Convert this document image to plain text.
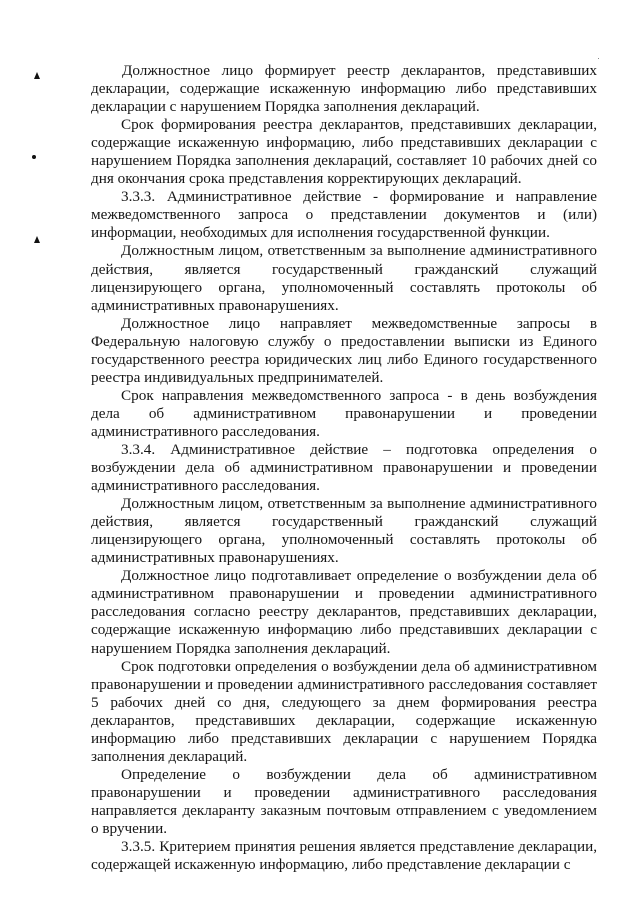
Должностное лицо формирует реестр декларантов, представивших декларации, содержащие искаженную информацию либо представивших декларации с нарушением Порядка заполнения деклараций.

Срок формирования реестра декларантов, представивших декларации, содержащие искаженную информацию, либо представивших декларации с нарушением Порядка заполнения деклараций, составляет 10 рабочих дней со дня окончания срока представления корректирующих деклараций.

3.3.3. Административное действие - формирование и направление межведомственного запроса о представлении документов и (или) информации, необходимых для исполнения государственной функции.

Должностным лицом, ответственным за выполнение административного действия, является государственный гражданский служащий лицензирующего органа, уполномоченный составлять протоколы об административных правонарушениях.

Должностное лицо направляет межведомственные запросы в Федеральную налоговую службу о предоставлении выписки из Единого государственного реестра юридических лиц либо Единого государственного реестра индивидуальных предпринимателей.

Срок направления межведомственного запроса - в день возбуждения дела об административном правонарушении и проведении административного расследования.

3.3.4. Административное действие – подготовка определения о возбуждении дела об административном правонарушении и проведении административного расследования.

Должностным лицом, ответственным за выполнение административного действия, является государственный гражданский служащий лицензирующего органа, уполномоченный составлять протоколы об административных правонарушениях.

Должностное лицо подготавливает определение о возбуждении дела об административном правонарушении и проведении административного расследования согласно реестру декларантов, представивших декларации, содержащие искаженную информацию либо представивших декларации с нарушением Порядка заполнения деклараций.

Срок подготовки определения о возбуждении дела об административном правонарушении и проведении административного расследования составляет 5 рабочих дней со дня, следующего за днем формирования реестра декларантов, представивших декларации, содержащие искаженную информацию либо представивших декларации с нарушением Порядка заполнения деклараций.

Определение о возбуждении дела об административном правонарушении и проведении административного расследования направляется декларанту заказным почтовым отправлением с уведомлением о вручении.

3.3.5. Критерием принятия решения является представление декларации, содержащей искаженную информацию, либо представление декларации с
